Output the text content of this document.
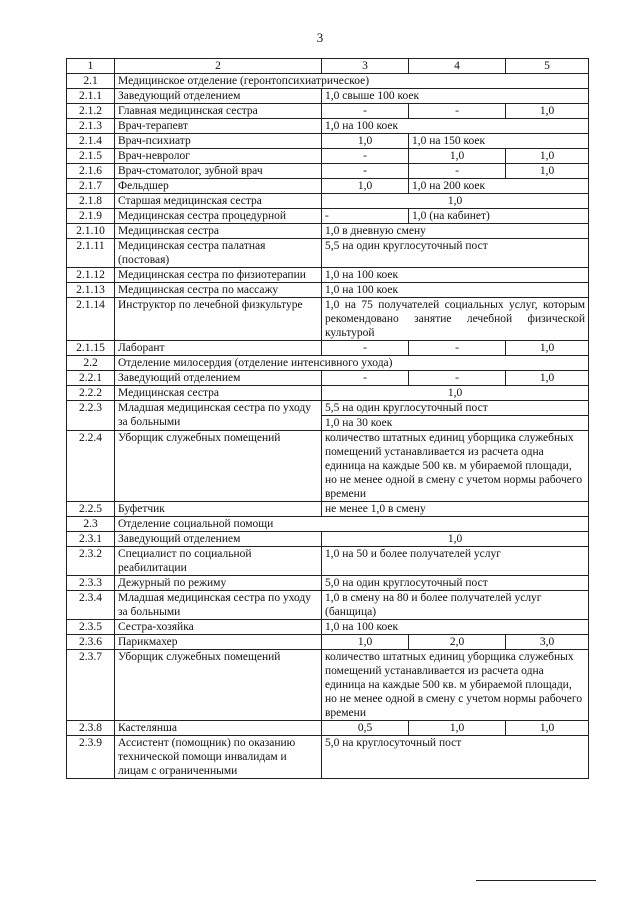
3
1	2	3	4	5
2.1	Медицинское отделение (геронтопсихиатрическое)			
2.1.1	Заведующий отделением	1,0 свыше 100 коек		
2.1.2	Главная медицинская сестра	-	-	1,0
2.1.3	Врач-терапевт	1,0 на 100 коек		
2.1.4	Врач-психиатр	1,0	1,0 на 150 коек	
2.1.5	Врач-невролог	-	1,0	1,0
2.1.6	Врач-стоматолог, зубной врач	-	-	1,0
2.1.7	Фельдшер	1,0	1,0 на 200 коек	
2.1.8	Старшая медицинская сестра	1,0		
2.1.9	Медицинская сестра процедурной	-	1,0 (на кабинет)	
2.1.10	Медицинская сестра	1,0 в дневную смену		
2.1.11	Медицинская сестра палатная (постовая)	5,5 на один круглосуточный пост		
2.1.12	Медицинская сестра по физиотерапии	1,0 на 100 коек		
2.1.13	Медицинская сестра по массажу	1,0 на 100 коек		
2.1.14	Инструктор по лечебной физкультуре	1,0 на 75 получателей социальных услуг, которым рекомендовано занятие лечебной физической культурой		
2.1.15	Лаборант	-	-	1,0
2.2	Отделение милосердия (отделение интенсивного ухода)			
2.2.1	Заведующий отделением	-	-	1,0
2.2.2	Медицинская сестра	1,0		
2.2.3	Младшая медицинская сестра по уходу за больными	5,5 на один круглосуточный пост
1,0 на 30 коек		

2.2.4	Уборщик служебных помещений	количество штатных единиц уборщика служебных помещений устанавливается из расчета одна единица на каждые 500 кв. м убираемой площади, но не менее одной в смену с учетом нормы рабочего времени		
2.2.5	Буфетчик	не менее 1,0 в смену		
2.3	Отделение социальной помощи			
2.3.1	Заведующий отделением	1,0		
2.3.2	Специалист по социальной реабилитации	1,0 на 50 и более получателей услуг		
2.3.3	Дежурный по режиму	5,0 на один круглосуточный пост		
2.3.4	Младшая медицинская сестра по уходу за больными	1,0 в смену на 80 и более получателей услуг (банщица)		
2.3.5	Сестра-хозяйка	1,0 на 100 коек		
2.3.6	Парикмахер	1,0	2,0	3,0
2.3.7	Уборщик служебных помещений	количество штатных единиц уборщика служебных помещений устанавливается из расчета одна единица на каждые 500 кв. м убираемой площади, но не менее одной в смену с учетом нормы рабочего времени		
2.3.8	Кастелянша	0,5	1,0	1,0
2.3.9	Ассистент (помощник) по оказанию технической помощи инвалидам и лицам с ограниченными	5,0 на круглосуточный пост		
